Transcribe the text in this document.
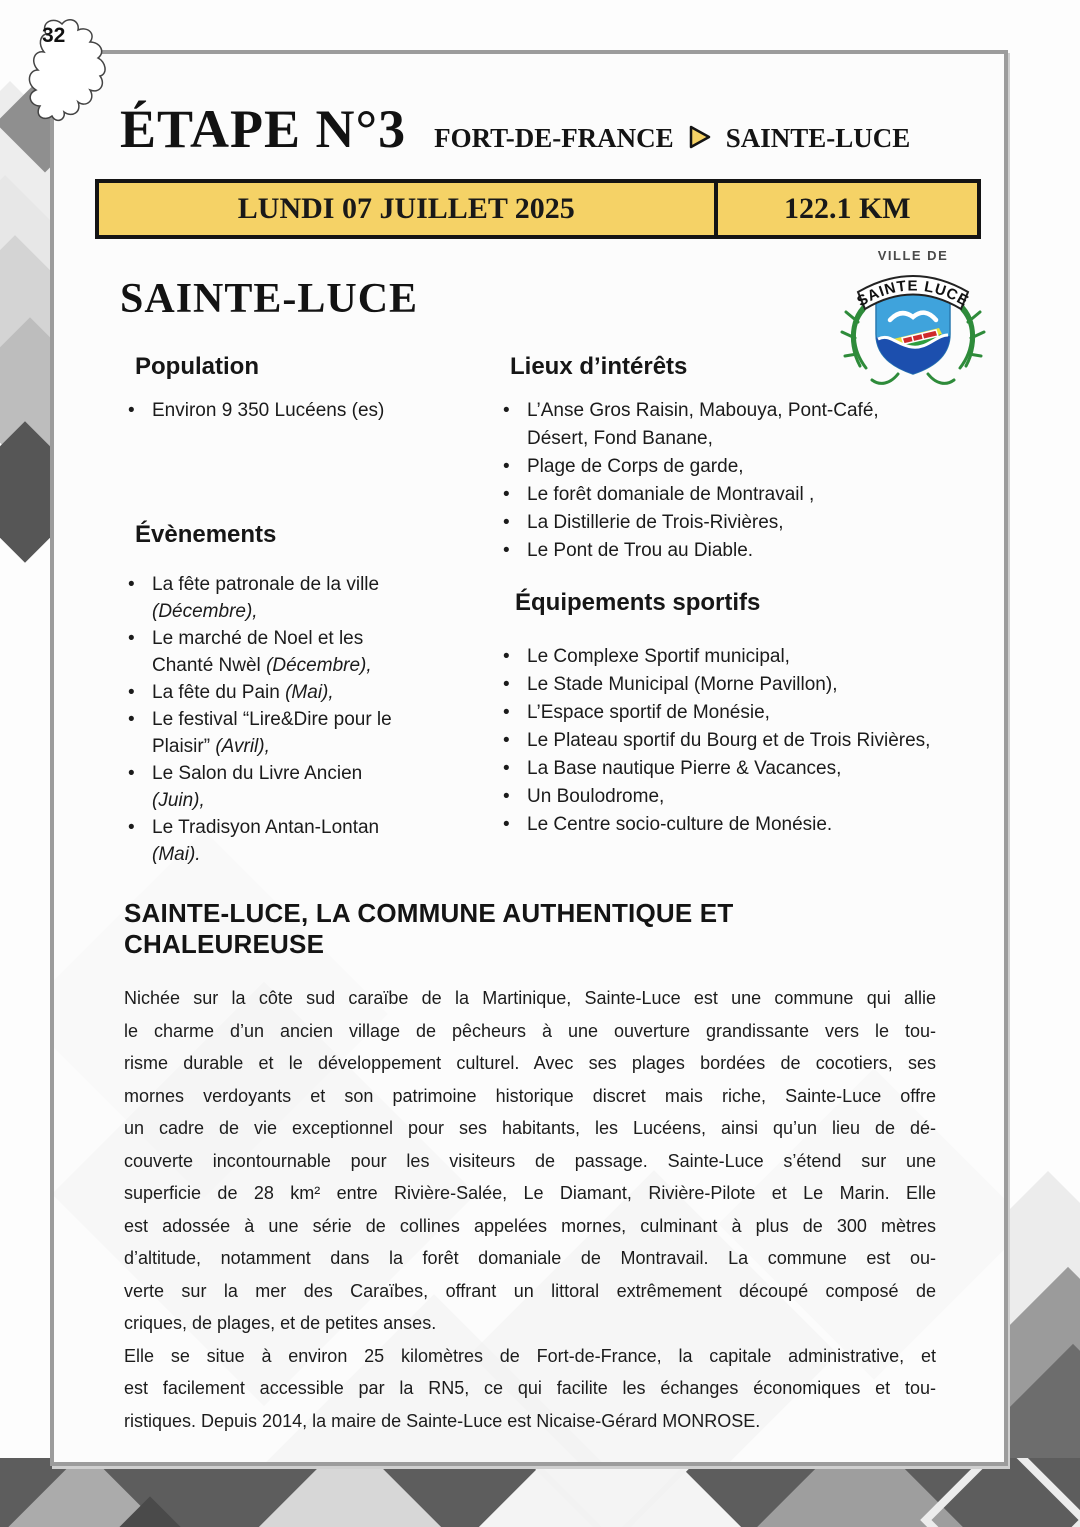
ÉTAPE N°3 FORT-DE-FRANCE SAINTE-LUCE
LUNDI 07 JUILLET 2025	122.1 KM
SAINTE LUCE
VILLE DE
SAINTE-LUCE
Population
• Environ 9 350 Lucéens (es)
Évènements
• La fête patronale de la ville (Décembre),
• Le marché de Noel et les Chanté Nwèl (Décembre),
• La fête du Pain (Mai),
• Le festival “Lire&Dire pour le Plaisir” (Avril),
• Le Salon du Livre Ancien (Juin),
• Le Tradisyon Antan-Lontan (Mai).
Lieux d’intérêts
• L’Anse Gros Raisin, Mabouya, Pont-Café, Désert, Fond Banane,
• Plage de Corps de garde,
• Le forêt domaniale de Montravail ,
• La Distillerie de Trois-Rivières,
• Le Pont de Trou au Diable.
Équipements sportifs
• Le Complexe Sportif municipal,
• Le Stade Municipal (Morne Pavillon),
• L’Espace sportif de Monésie,
• Le Plateau sportif du Bourg et de Trois Rivières,
• La Base nautique Pierre & Vacances,
• Un Boulodrome,
• Le Centre socio-culture de Monésie.
SAINTE-LUCE, LA COMMUNE AUTHENTIQUE ET CHALEUREUSE
Nichée sur la côte sud caraïbe de la Martinique, Sainte-Luce est une commune qui allie
le charme d’un ancien village de pêcheurs à une ouverture grandissante vers le tou-
risme durable et le développement culturel. Avec ses plages bordées de cocotiers, ses
mornes verdoyants et son patrimoine historique discret mais riche, Sainte-Luce offre
un cadre de vie exceptionnel pour ses habitants, les Lucéens, ainsi qu’un lieu de dé-
couverte incontournable pour les visiteurs de passage. Sainte-Luce s’étend sur une
superficie de 28 km² entre Rivière-Salée, Le Diamant, Rivière-Pilote et Le Marin. Elle
est adossée à une série de collines appelées mornes, culminant à plus de 300 mètres
d’altitude, notamment dans la forêt domaniale de Montravail. La commune est ou-
verte sur la mer des Caraïbes, offrant un littoral extrêmement découpé composé de
criques, de plages, et de petites anses.
Elle se situe à environ 25 kilomètres de Fort-de-France, la capitale administrative, et
est facilement accessible par la RN5, ce qui facilite les échanges économiques et tou-
ristiques. Depuis 2014, la maire de Sainte-Luce est Nicaise-Gérard MONROSE.
32
